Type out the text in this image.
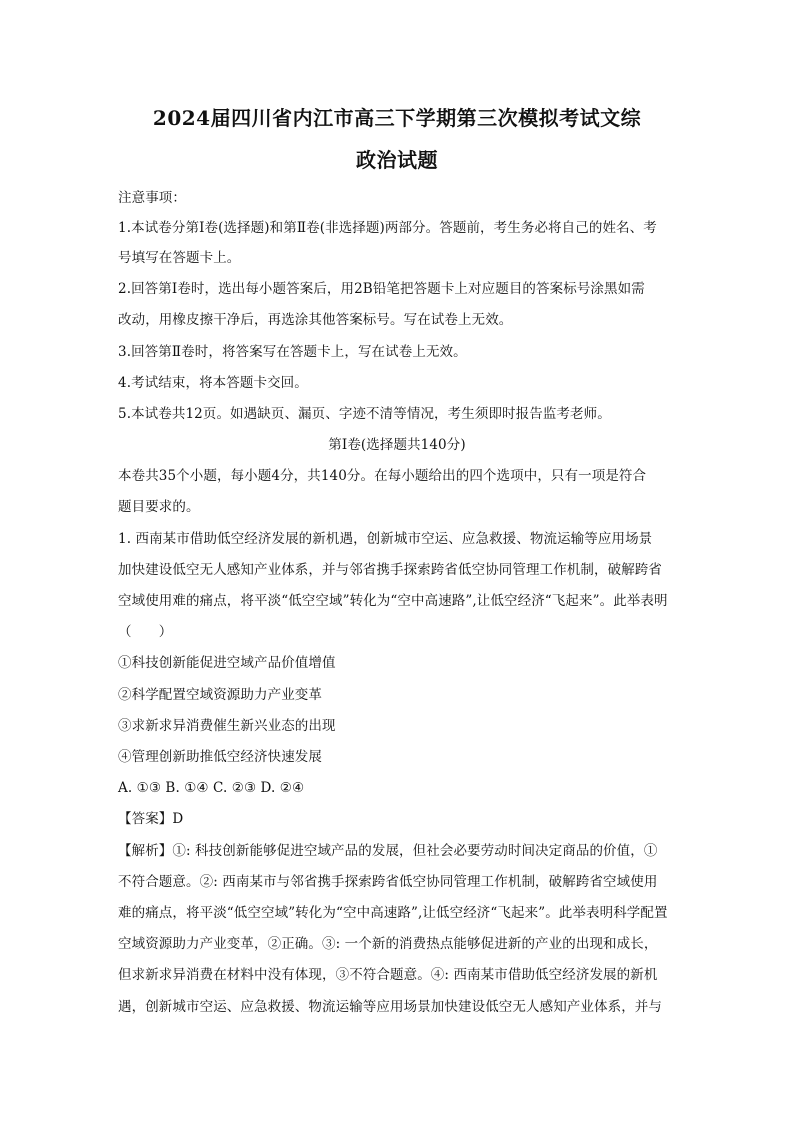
2024届四川省内江市高三下学期第三次模拟考试文综
政治试题
注意事项：
1.本试卷分第Ⅰ卷(选择题)和第Ⅱ卷(非选择题)两部分。答题前，考生务必将自己的姓名、考
号填写在答题卡上。
2.回答第Ⅰ卷时，选出每小题答案后，用2B铅笔把答题卡上对应题目的答案标号涂黑如需
改动，用橡皮擦干净后，再选涂其他答案标号。写在试卷上无效。
3.回答第Ⅱ卷时，将答案写在答题卡上，写在试卷上无效。
4.考试结束，将本答题卡交回。
5.本试卷共12页。如遇缺页、漏页、字迹不清等情况，考生须即时报告监考老师。
第Ⅰ卷(选择题共140分)
本卷共35个小题，每小题4分，共140分。在每小题给出的四个选项中，只有一项是符合
题目要求的。
1. 西南某市借助低空经济发展的新机遇，创新城市空运、应急救援、物流运输等应用场景
加快建设低空无人感知产业体系，并与邻省携手探索跨省低空协同管理工作机制，破解跨省
空域使用难的痛点，将平淡“低空空域”转化为“空中高速路”,让低空经济“飞起来”。此举表明
（　　）
①科技创新能促进空域产品价值增值
②科学配置空域资源助力产业变革
③求新求异消费催生新兴业态的出现
④管理创新助推低空经济快速发展
A. ①③ B. ①④ C. ②③ D. ②④
【答案】D
【解析】①: 科技创新能够促进空域产品的发展，但社会必要劳动时间决定商品的价值，①
不符合题意。②: 西南某市与邻省携手探索跨省低空协同管理工作机制，破解跨省空域使用
难的痛点，将平淡“低空空域”转化为“空中高速路”,让低空经济“飞起来”。此举表明科学配置
空域资源助力产业变革，②正确。③: 一个新的消费热点能够促进新的产业的出现和成长，
但求新求异消费在材料中没有体现，③不符合题意。④: 西南某市借助低空经济发展的新机
遇，创新城市空运、应急救援、物流运输等应用场景加快建设低空无人感知产业体系，并与
